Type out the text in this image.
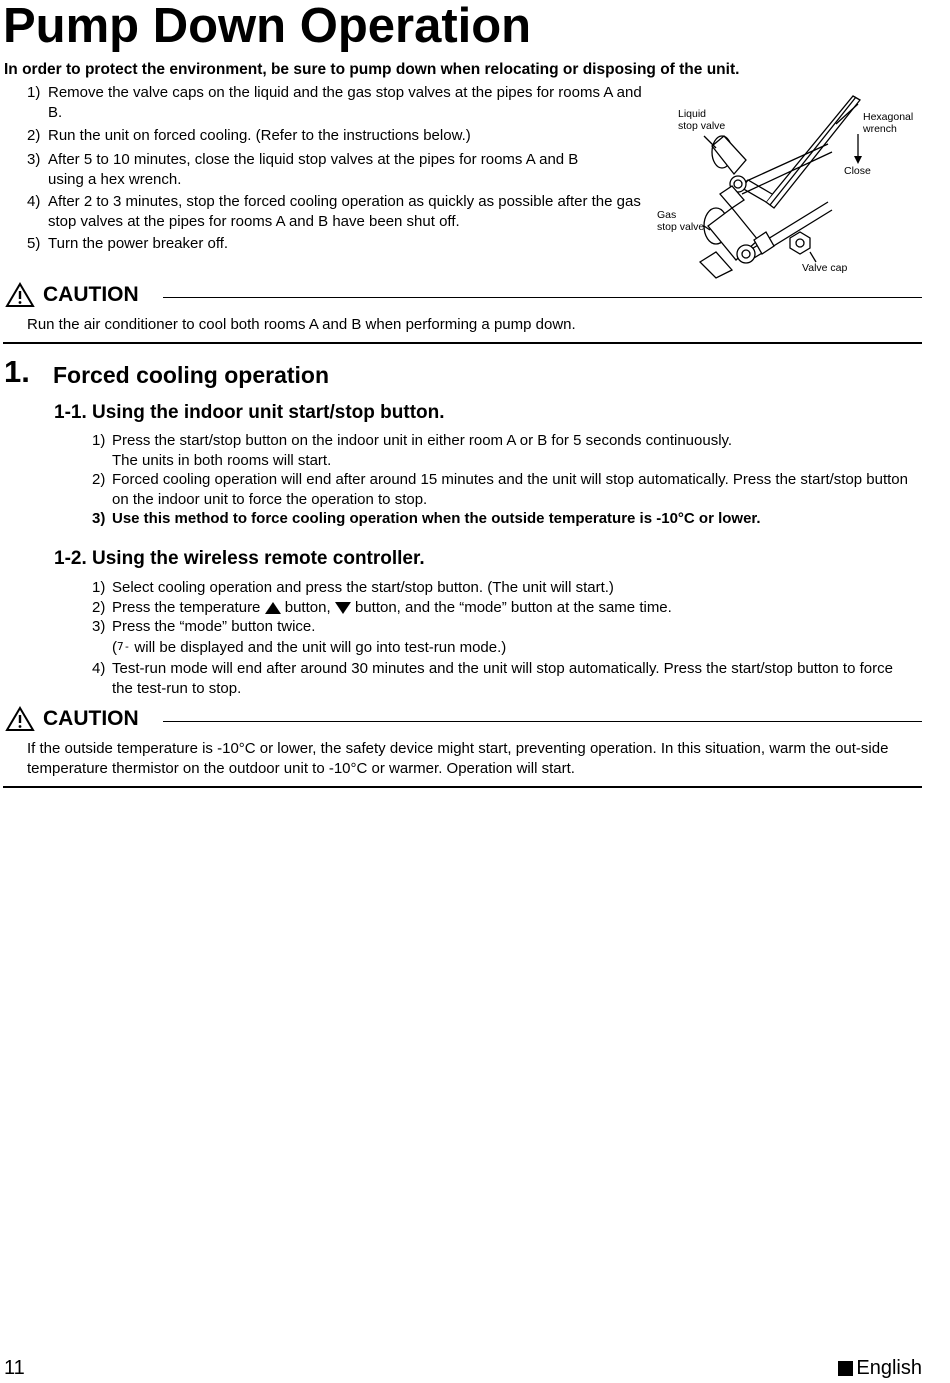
Pump Down Operation
In order to protect the environment, be sure to pump down when relocating or disposing of the unit.
1) Remove the valve caps on the liquid and the gas stop valves at the pipes for rooms A and B.
2) Run the unit on forced cooling. (Refer to the instructions below.)
3) After 5 to 10 minutes, close the liquid stop valves at the pipes for rooms A and B using a hex wrench.
4) After 2 to 3 minutes, stop the forced cooling operation as quickly as possible after the gas stop valves at the pipes for rooms A and B have been shut off.
5) Turn the power breaker off.
Liquid
stop valve
Gas
stop valve
Hexagonal
wrench
Close
Valve cap
CAUTION
Run the air conditioner to cool both rooms A and B when performing a pump down.
1. Forced cooling operation
1-1. Using the indoor unit start/stop button.
1) Press the start/stop button on the indoor unit in either room A or B for 5 seconds continuously.
The units in both rooms will start.
2) Forced cooling operation will end after around 15 minutes and the unit will stop automatically. Press the start/stop button on the indoor unit to force the operation to stop.
3) Use this method to force cooling operation when the outside temperature is -10°C or lower.
1-2. Using the wireless remote controller.
1) Select cooling operation and press the start/stop button. (The unit will start.)
2) Press the temperature  button,  button, and the “mode” button at the same time.
3) Press the “mode” button twice.
(7- will be displayed and the unit will go into test-run mode.)
4) Test-run mode will end after around 30 minutes and the unit will stop automatically. Press the start/stop button to force the test-run to stop.
CAUTION
If the outside temperature is -10°C or lower, the safety device might start, preventing operation. In this situation, warm the out-side temperature thermistor on the outdoor unit to -10°C or warmer. Operation will start.
11	English
